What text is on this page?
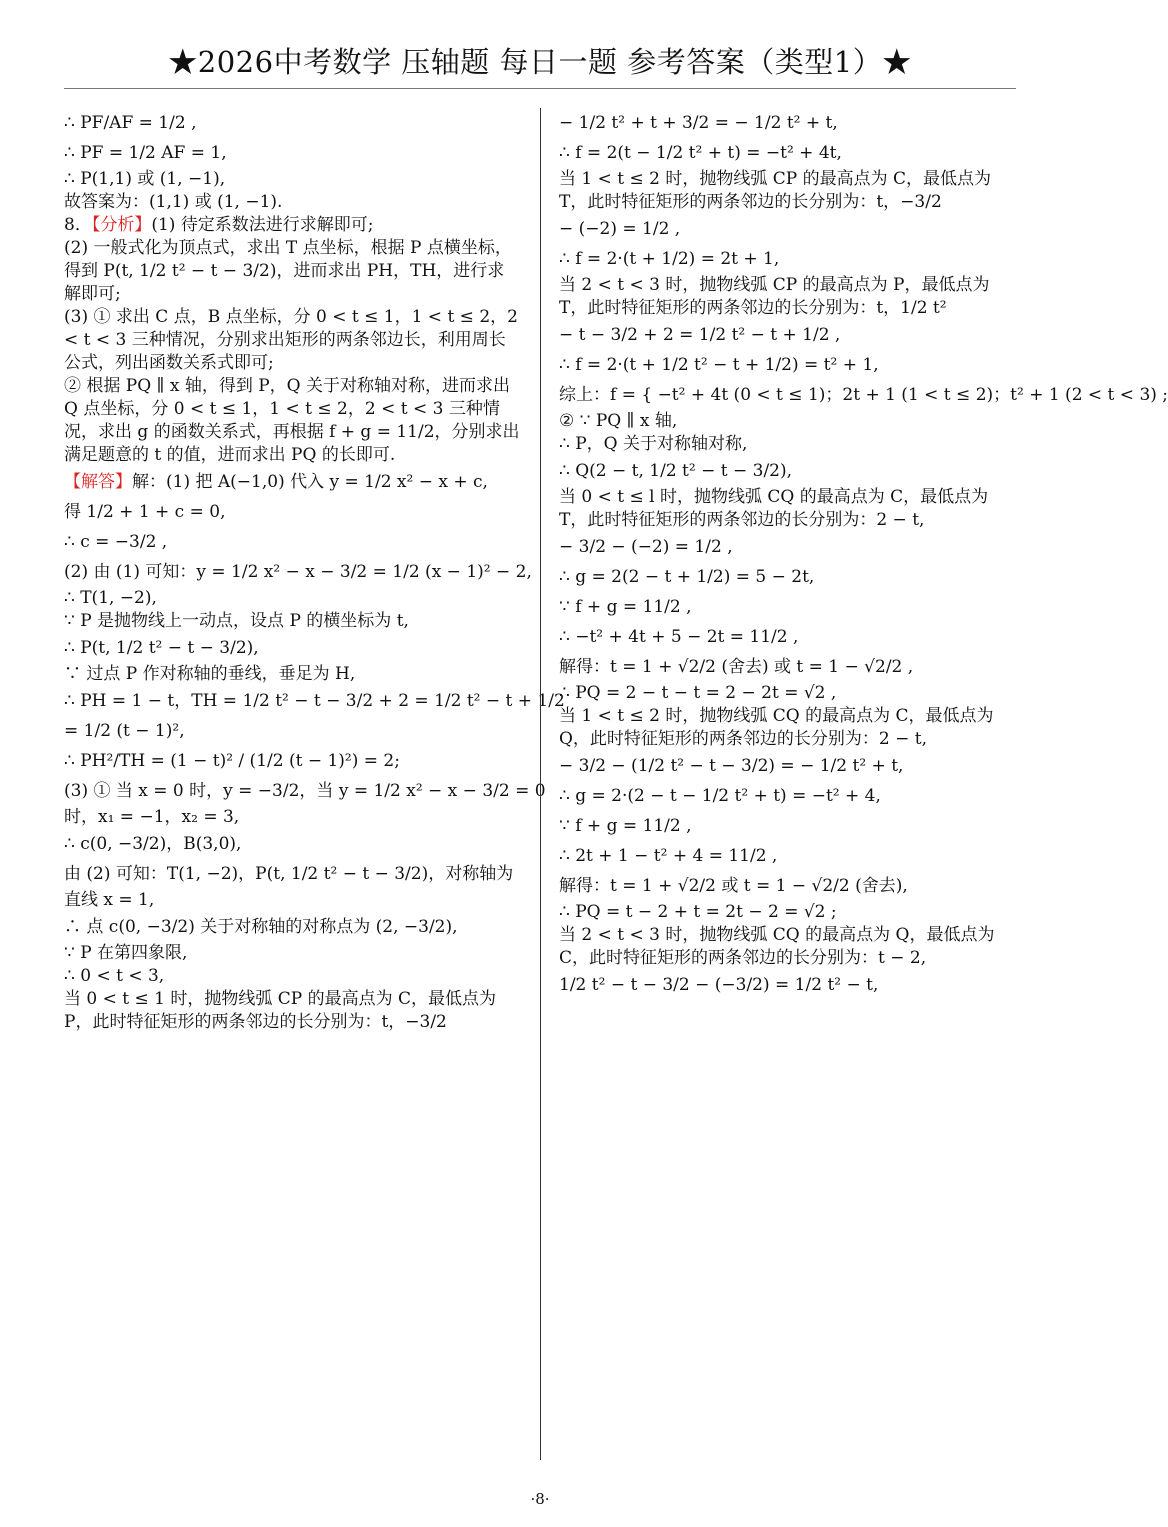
★2026中考数学 压轴题 每日一题 参考答案（类型1）★
∴ PF/AF = 1/2 ,
∴ PF = 1/2 AF = 1,
∴ P(1,1) 或 (1, −1),
故答案为：(1,1) 或 (1, −1).
8．【分析】(1) 待定系数法进行求解即可;
(2) 一般式化为顶点式，求出 T 点坐标，根据 P 点横坐标，得到 P(t, 1/2 t² − t − 3/2)，进而求出 PH，TH，进行求解即可;
(3) ① 求出 C 点，B 点坐标，分 0 < t ≤ 1，1 < t ≤ 2，2 < t < 3 三种情况，分别求出矩形的两条邻边长，利用周长公式，列出函数关系式即可;
② 根据 PQ ∥ x 轴，得到 P，Q 关于对称轴对称，进而求出 Q 点坐标，分 0 < t ≤ 1，1 < t ≤ 2，2 < t < 3 三种情况，求出 g 的函数关系式，再根据 f + g = 11/2，分别求出满足题意的 t 的值，进而求出 PQ 的长即可.
【解答】解：(1) 把 A(−1,0) 代入 y = 1/2 x² − x + c,
得 1/2 + 1 + c = 0,
∴ c = −3/2 ,
(2) 由 (1) 可知：y = 1/2 x² − x − 3/2 = 1/2 (x − 1)² − 2,
∴ T(1, −2),
∵ P 是抛物线上一动点，设点 P 的横坐标为 t,
∴ P(t, 1/2 t² − t − 3/2),
∵ 过点 P 作对称轴的垂线，垂足为 H,
∴ PH = 1 − t，TH = 1/2 t² − t − 3/2 + 2 = 1/2 t² − t + 1/2
= 1/2 (t − 1)²,
∴ PH²/TH = (1 − t)² / (1/2 (t − 1)²) = 2;
(3) ① 当 x = 0 时，y = −3/2，当 y = 1/2 x² − x − 3/2 = 0
时，x₁ = −1，x₂ = 3,
∴ c(0, −3/2)，B(3,0),
由 (2) 可知：T(1, −2)，P(t, 1/2 t² − t − 3/2)，对称轴为
直线 x = 1,
∴ 点 c(0, −3/2) 关于对称轴的对称点为 (2, −3/2),
∵ P 在第四象限,
∴ 0 < t < 3,
当 0 < t ≤ 1 时，抛物线弧 CP 的最高点为 C，最低点为 P，此时特征矩形的两条邻边的长分别为：t，−3/2
− 1/2 t² + t + 3/2 = − 1/2 t² + t,
∴ f = 2(t − 1/2 t² + t) = −t² + 4t,
当 1 < t ≤ 2 时，抛物线弧 CP 的最高点为 C，最低点为 T，此时特征矩形的两条邻边的长分别为：t，−3/2
− (−2) = 1/2 ,
∴ f = 2·(t + 1/2) = 2t + 1,
当 2 < t < 3 时，抛物线弧 CP 的最高点为 P，最低点为 T，此时特征矩形的两条邻边的长分别为：t，1/2 t²
− t − 3/2 + 2 = 1/2 t² − t + 1/2 ,
∴ f = 2·(t + 1/2 t² − t + 1/2) = t² + 1,
综上：f = { −t² + 4t (0 < t ≤ 1)；2t + 1 (1 < t ≤ 2)；t² + 1 (2 < t < 3) ;
② ∵ PQ ∥ x 轴,
∴ P，Q 关于对称轴对称,
∴ Q(2 − t, 1/2 t² − t − 3/2),
当 0 < t ≤ l 时，抛物线弧 CQ 的最高点为 C，最低点为 T，此时特征矩形的两条邻边的长分别为：2 − t,
− 3/2 − (−2) = 1/2 ,
∴ g = 2(2 − t + 1/2) = 5 − 2t,
∵ f + g = 11/2 ,
∴ −t² + 4t + 5 − 2t = 11/2 ,
解得：t = 1 + √2/2 (舍去) 或 t = 1 − √2/2 ,
∴ PQ = 2 − t − t = 2 − 2t = √2 ,
当 1 < t ≤ 2 时，抛物线弧 CQ 的最高点为 C，最低点为 Q，此时特征矩形的两条邻边的长分别为：2 − t,
− 3/2 − (1/2 t² − t − 3/2) = − 1/2 t² + t,
∴ g = 2·(2 − t − 1/2 t² + t) = −t² + 4,
∵ f + g = 11/2 ,
∴ 2t + 1 − t² + 4 = 11/2 ,
解得：t = 1 + √2/2 或 t = 1 − √2/2 (舍去),
∴ PQ = t − 2 + t = 2t − 2 = √2 ;
当 2 < t < 3 时，抛物线弧 CQ 的最高点为 Q，最低点为 C，此时特征矩形的两条邻边的长分别为：t − 2,
1/2 t² − t − 3/2 − (−3/2) = 1/2 t² − t,
·8·
